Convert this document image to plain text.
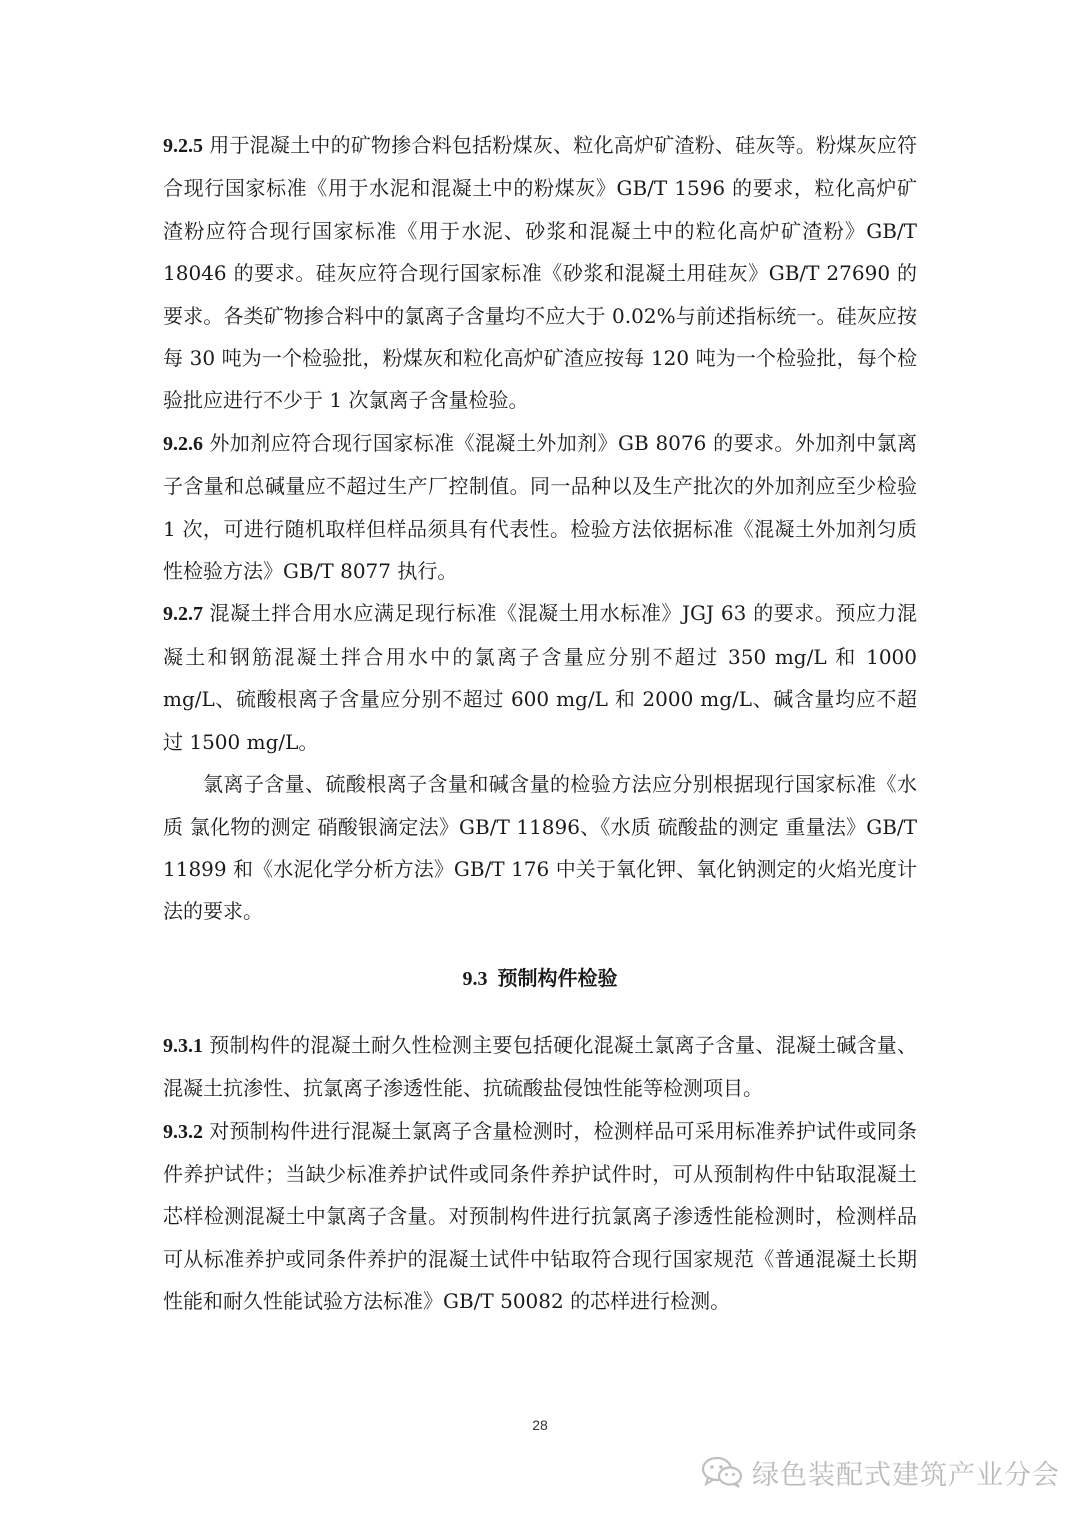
9.2.5 用于混凝土中的矿物掺合料包括粉煤灰、粒化高炉矿渣粉、硅灰等。粉煤灰应符合现行国家标准《用于水泥和混凝土中的粉煤灰》GB/T 1596 的要求，粒化高炉矿渣粉应符合现行国家标准《用于水泥、砂浆和混凝土中的粒化高炉矿渣粉》GB/T 18046 的要求。硅灰应符合现行国家标准《砂浆和混凝土用硅灰》GB/T 27690 的要求。各类矿物掺合料中的氯离子含量均不应大于 0.02%与前述指标统一。硅灰应按每 30 吨为一个检验批，粉煤灰和粒化高炉矿渣应按每 120 吨为一个检验批，每个检验批应进行不少于 1 次氯离子含量检验。

9.2.6 外加剂应符合现行国家标准《混凝土外加剂》GB 8076 的要求。外加剂中氯离子含量和总碱量应不超过生产厂控制值。同一品种以及生产批次的外加剂应至少检验 1 次，可进行随机取样但样品须具有代表性。检验方法依据标准《混凝土外加剂匀质性检验方法》GB/T 8077 执行。

9.2.7 混凝土拌合用水应满足现行标准《混凝土用水标准》JGJ 63 的要求。预应力混凝土和钢筋混凝土拌合用水中的氯离子含量应分别不超过 350 mg/L 和 1000 mg/L、硫酸根离子含量应分别不超过 600 mg/L 和 2000 mg/L、碱含量均应不超过 1500 mg/L。

氯离子含量、硫酸根离子含量和碱含量的检验方法应分别根据现行国家标准《水质 氯化物的测定 硝酸银滴定法》GB/T 11896、《水质 硫酸盐的测定 重量法》GB/T 11899 和《水泥化学分析方法》GB/T 176 中关于氧化钾、氧化钠测定的火焰光度计法的要求。

9.3 预制构件检验

9.3.1 预制构件的混凝土耐久性检测主要包括硬化混凝土氯离子含量、混凝土碱含量、混凝土抗渗性、抗氯离子渗透性能、抗硫酸盐侵蚀性能等检测项目。

9.3.2 对预制构件进行混凝土氯离子含量检测时，检测样品可采用标准养护试件或同条件养护试件；当缺少标准养护试件或同条件养护试件时，可从预制构件中钻取混凝土芯样检测混凝土中氯离子含量。对预制构件进行抗氯离子渗透性能检测时，检测样品可从标准养护或同条件养护的混凝土试件中钻取符合现行国家规范《普通混凝土长期性能和耐久性能试验方法标准》GB/T 50082 的芯样进行检测。

28
绿色装配式建筑产业分会
